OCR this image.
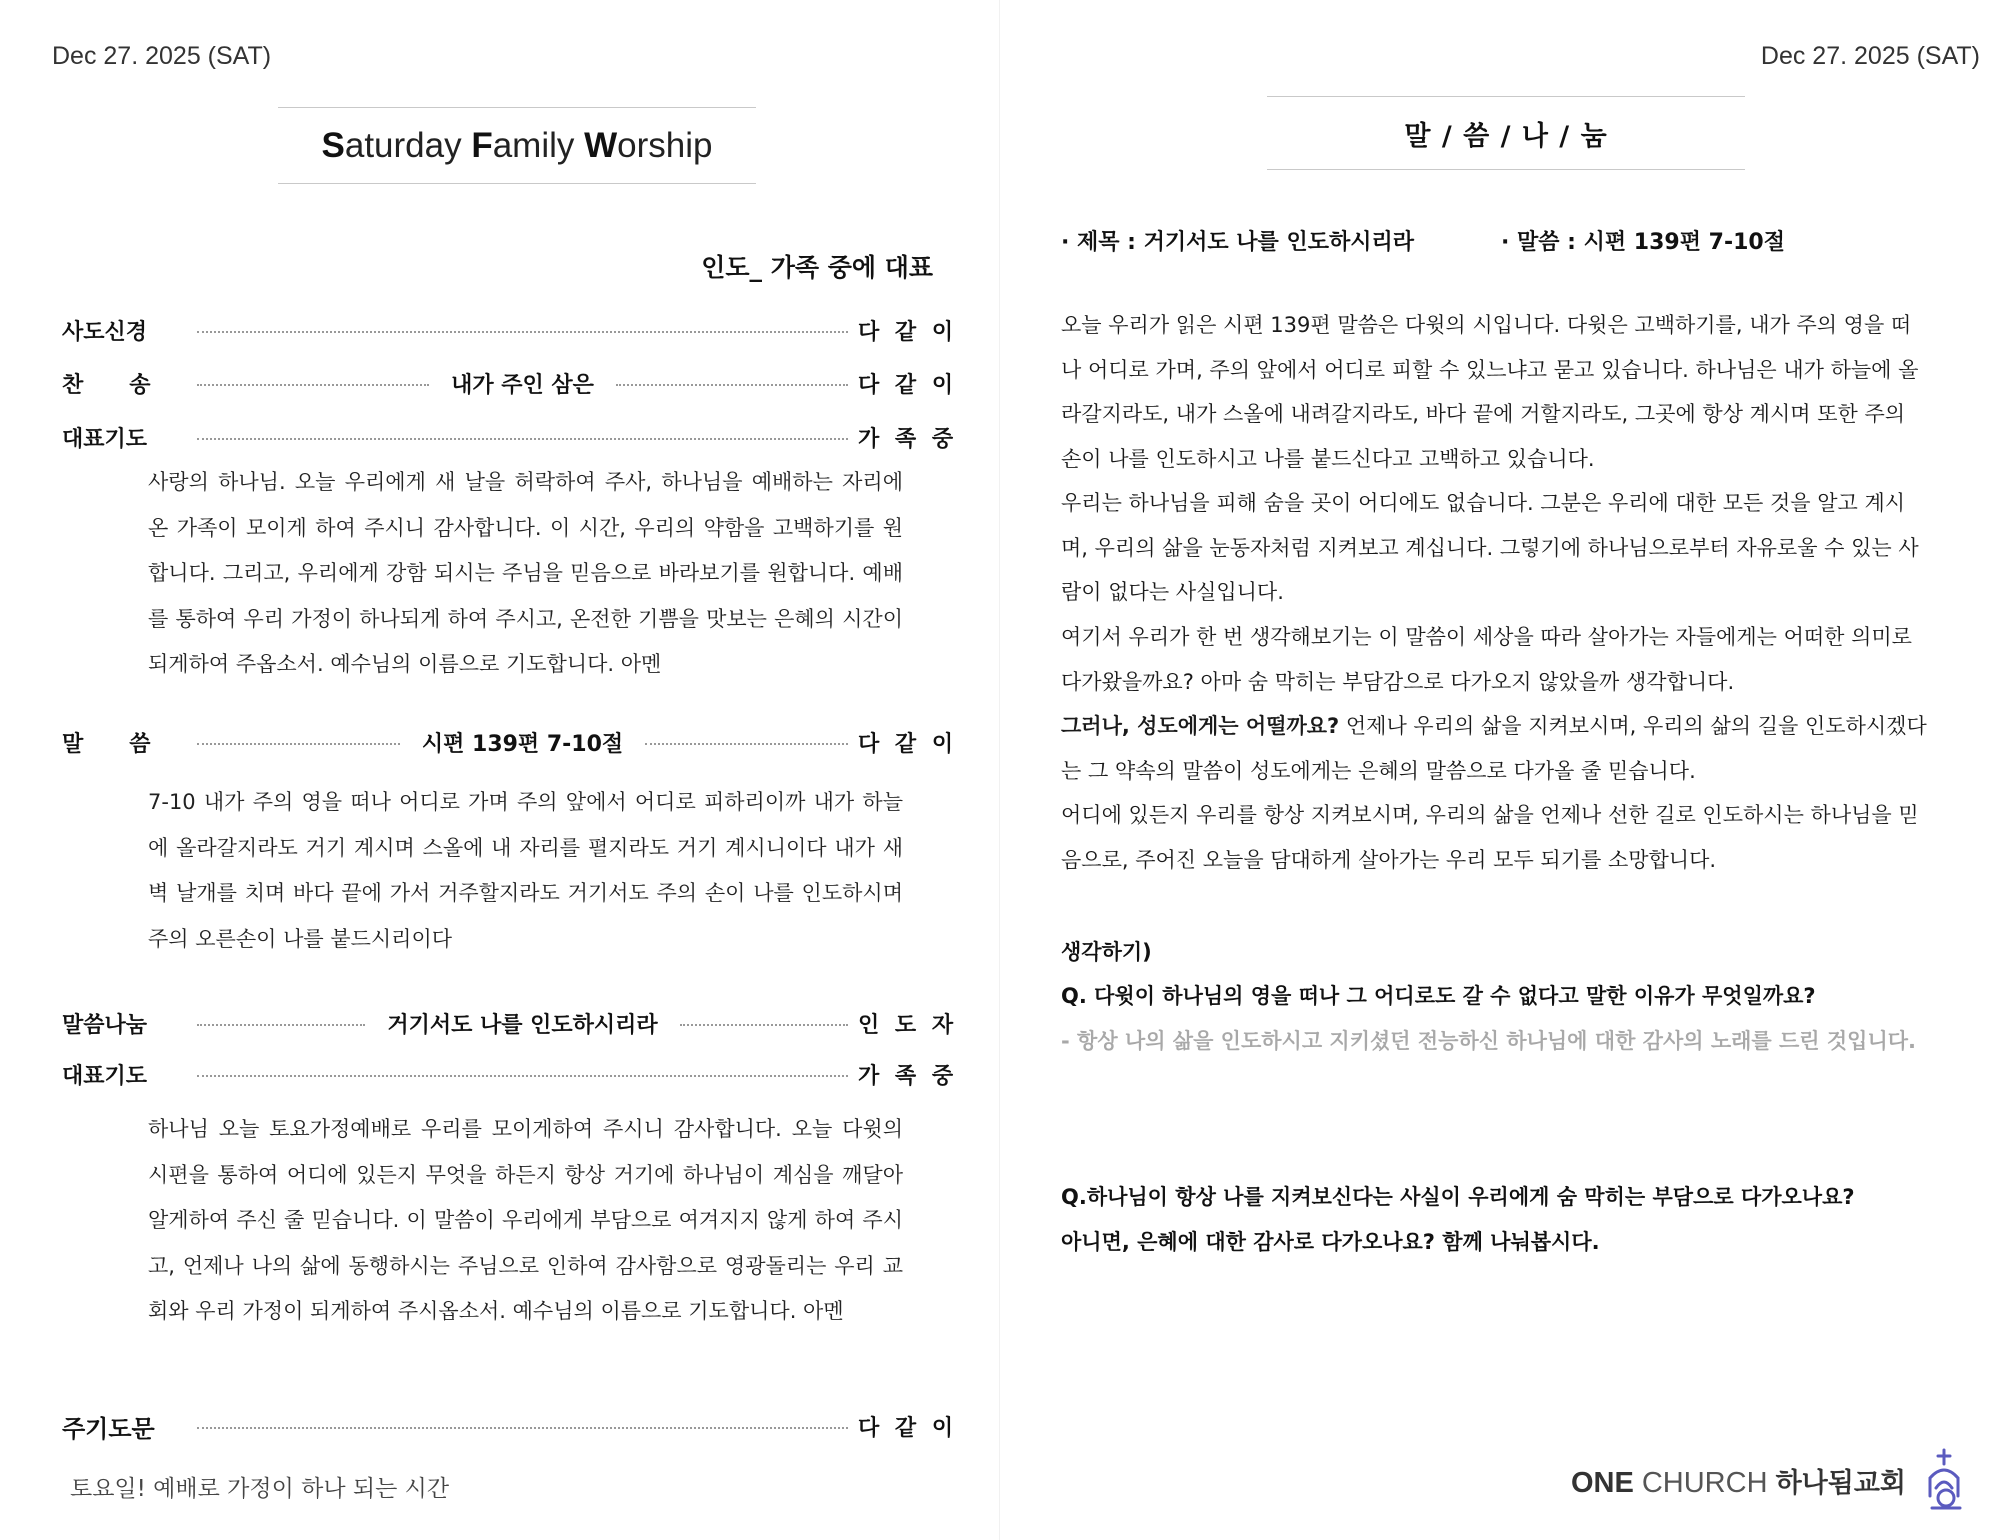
Dec 27. 2025 (SAT)
Saturday Family Worship
인도_ 가족 중에 대표
사도신경	다 같 이
찬      송	내가 주인 삼은	다 같 이
대표기도	가 족 중

사랑의 하나님. 오늘 우리에게 새 날을 허락하여 주사, 하나님을 예배하는 자리에 온 가족이 모이게 하여 주시니 감사합니다. 이 시간, 우리의 약함을 고백하기를 원합니다. 그리고, 우리에게 강함 되시는 주님을 믿음으로 바라보기를 원합니다. 예배를 통하여 우리 가정이 하나되게 하여 주시고, 온전한 기쁨을 맛보는 은혜의 시간이 되게하여 주옵소서. 예수님의 이름으로 기도합니다. 아멘

말      씀	시편 139편 7-10절	다 같 이

7-10 내가 주의 영을 떠나 어디로 가며 주의 앞에서 어디로 피하리이까 내가 하늘에 올라갈지라도 거기 계시며 스올에 내 자리를 펼지라도 거기 계시니이다 내가 새벽 날개를 치며 바다 끝에 가서 거주할지라도 거기서도 주의 손이 나를 인도하시며 주의 오른손이 나를 붙드시리이다

말씀나눔	거기서도 나를 인도하시리라	인 도 자
대표기도	가 족 중

하나님 오늘 토요가정예배로 우리를 모이게하여 주시니 감사합니다. 오늘 다윗의 시편을 통하여 어디에 있든지 무엇을 하든지 항상 거기에 하나님이 계심을 깨달아 알게하여 주신 줄 믿습니다. 이 말씀이 우리에게 부담으로 여겨지지 않게 하여 주시고, 언제나 나의 삶에 동행하시는 주님으로 인하여 감사함으로 영광돌리는 우리 교회와 우리 가정이 되게하여 주시옵소서. 예수님의 이름으로 기도합니다. 아멘

주기도문	다 같 이
토요일! 예배로 가정이 하나 되는 시간
Dec 27. 2025 (SAT)
말 / 씀 / 나 / 눔
· 제목 : 거기서도 나를 인도하시리라	· 말씀 : 시편 139편 7-10절

오늘 우리가 읽은 시편 139편 말씀은 다윗의 시입니다. 다윗은 고백하기를, 내가 주의 영을 떠나 어디로 가며, 주의 앞에서 어디로 피할 수 있느냐고 묻고 있습니다. 하나님은 내가 하늘에 올라갈지라도, 내가 스올에 내려갈지라도, 바다 끝에 거할지라도, 그곳에 항상 계시며 또한 주의 손이 나를 인도하시고 나를 붙드신다고 고백하고 있습니다.

우리는 하나님을 피해 숨을 곳이 어디에도 없습니다. 그분은 우리에 대한 모든 것을 알고 계시며, 우리의 삶을 눈동자처럼 지켜보고 계십니다. 그렇기에 하나님으로부터 자유로울 수 있는 사람이 없다는 사실입니다.

여기서 우리가 한 번 생각해보기는 이 말씀이 세상을 따라 살아가는 자들에게는 어떠한 의미로 다가왔을까요? 아마 숨 막히는 부담감으로 다가오지 않았을까 생각합니다.

그러나, 성도에게는 어떨까요? 언제나 우리의 삶을 지켜보시며, 우리의 삶의 길을 인도하시겠다는 그 약속의 말씀이 성도에게는 은혜의 말씀으로 다가올 줄 믿습니다.

어디에 있든지 우리를 항상 지켜보시며, 우리의 삶을 언제나 선한 길로 인도하시는 하나님을 믿음으로, 주어진 오늘을 담대하게 살아가는 우리 모두 되기를 소망합니다.

생각하기)
Q. 다윗이 하나님의 영을 떠나 그 어디로도 갈 수 없다고 말한 이유가 무엇일까요?
- 항상 나의 삶을 인도하시고 지키셨던 전능하신 하나님에 대한 감사의 노래를 드린 것입니다.
Q.하나님이 항상 나를 지켜보신다는 사실이 우리에게 숨 막히는 부담으로 다가오나요?
아니면, 은혜에 대한 감사로 다가오나요? 함께 나눠봅시다.
ONE CHURCH 하나됨교회
